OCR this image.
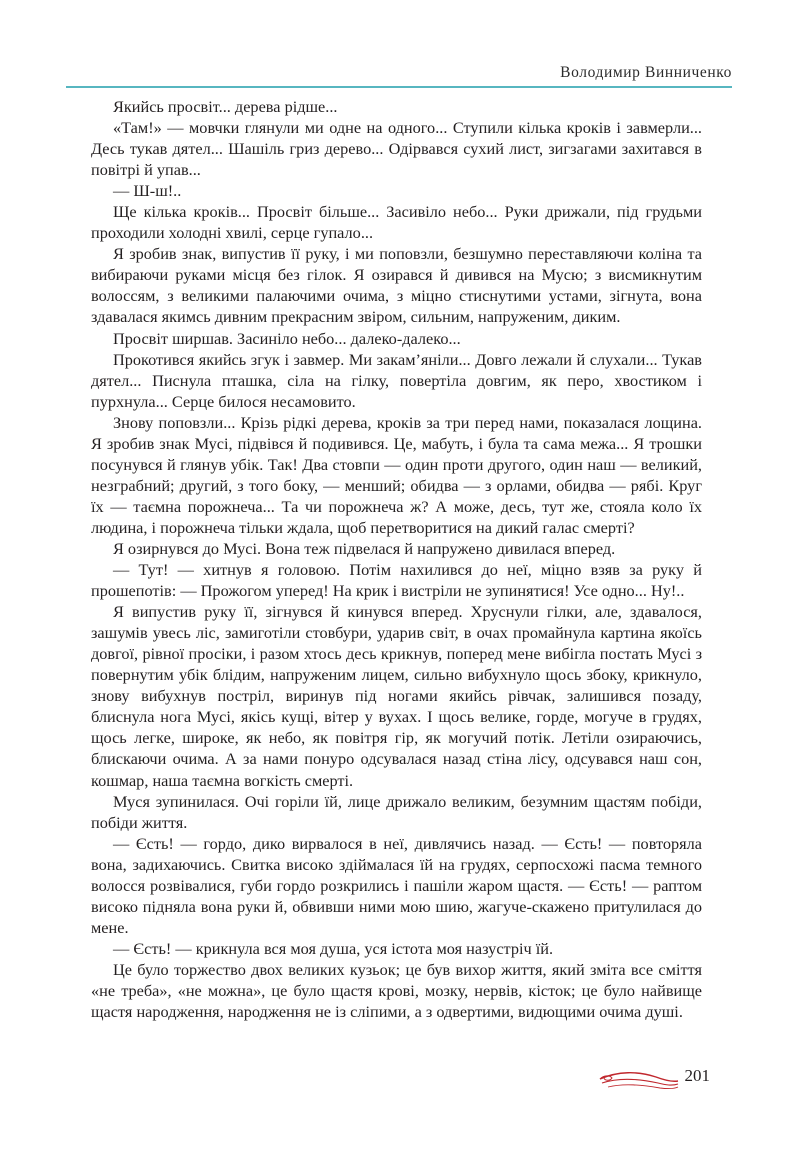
Володимир Винниченко

Якийсь просвіт... дерева рідше...

«Там!» — мовчки глянули ми одне на одного... Ступили кілька кроків і завмерли... Десь тукав дятел... Шашіль гриз дерево... Одірвався сухий лист, зигзагами захитався в повітрі й упав...

— Ш-ш!..

Ще кілька кроків... Просвіт більше... Засивіло небо... Руки дрижали, під грудьми проходили холодні хвилі, серце гупало...

Я зробив знак, випустив її руку, і ми поповзли, безшумно переставляючи коліна та вибираючи руками місця без гілок. Я озирався й дивився на Мусю; з висмикнутим волоссям, з великими палаючими очима, з міцно стиснутими устами, зігнута, вона здавалася якимсь дивним прекрасним звіром, сильним, напруженим, диким.

Просвіт ширшав. Засиніло небо... далеко-далеко...

Прокотився якийсь згук і завмер. Ми закам’яніли... Довго лежали й слухали... Тукав дятел... Писнула пташка, сіла на гілку, повертіла довгим, як перо, хвостиком і пурхнула... Серце билося несамовито.

Знову поповзли... Крізь рідкі дерева, кроків за три перед нами, показалася лощина. Я зробив знак Мусі, підвівся й подивився. Це, мабуть, і була та сама межа... Я трошки посунувся й глянув убік. Так! Два стовпи — один проти другого, один наш — великий, незграбний; другий, з того боку, — менший; обидва — з орлами, обидва — рябі. Круг їх — таємна порожнеча... Та чи порожнеча ж? А може, десь, тут же, стояла коло їх людина, і порожнеча тільки ждала, щоб перетворитися на дикий галас смерті?

Я озирнувся до Мусі. Вона теж підвелася й напружено дивилася вперед.

— Тут! — хитнув я головою. Потім нахилився до неї, міцно взяв за руку й прошепотів: — Прожогом уперед! На крик і вистріли не зупинятися! Усе одно... Ну!..

Я випустив руку її, зігнувся й кинувся вперед. Хруснули гілки, але, здавалося, зашумів увесь ліс, замиготіли стовбури, ударив світ, в очах промайнула картина якоїсь довгої, рівної просіки, і разом хтось десь крикнув, поперед мене вибігла постать Мусі з повернутим убік блідим, напруженим лицем, сильно вибухнуло щось збоку, крикнуло, знову вибухнув постріл, виринув під ногами якийсь рівчак, залишився позаду, блиснула нога Мусі, якісь кущі, вітер у вухах. І щось велике, горде, могуче в грудях, щось легке, широке, як небо, як повітря гір, як могучий потік. Летіли озираючись, блискаючи очима. А за нами понуро одсувалася назад стіна лісу, одсувався наш сон, кошмар, наша таємна вогкість смерті.

Муся зупинилася. Очі горіли їй, лице дрижало великим, безумним щастям побіди, побіди життя.

— Єсть! — гордо, дико вирвалося в неї, дивлячись назад. — Єсть! — повторяла вона, задихаючись. Свитка високо здіймалася їй на грудях, серпосхожі пасма темного волосся розвівалися, губи гордо розкрились і пашіли жаром щастя. — Єсть! — раптом високо підняла вона руки й, обвивши ними мою шию, жагуче-скажено притулилася до мене.

— Єсть! — крикнула вся моя душа, уся істота моя назустріч їй.

Це було торжество двох великих кузьок; це був вихор життя, який зміта все сміття «не треба», «не можна», це було щастя крові, мозку, нервів, кісток; це було найвище щастя народження, народження не із сліпими, а з одвертими, видющими очима душі.

201
